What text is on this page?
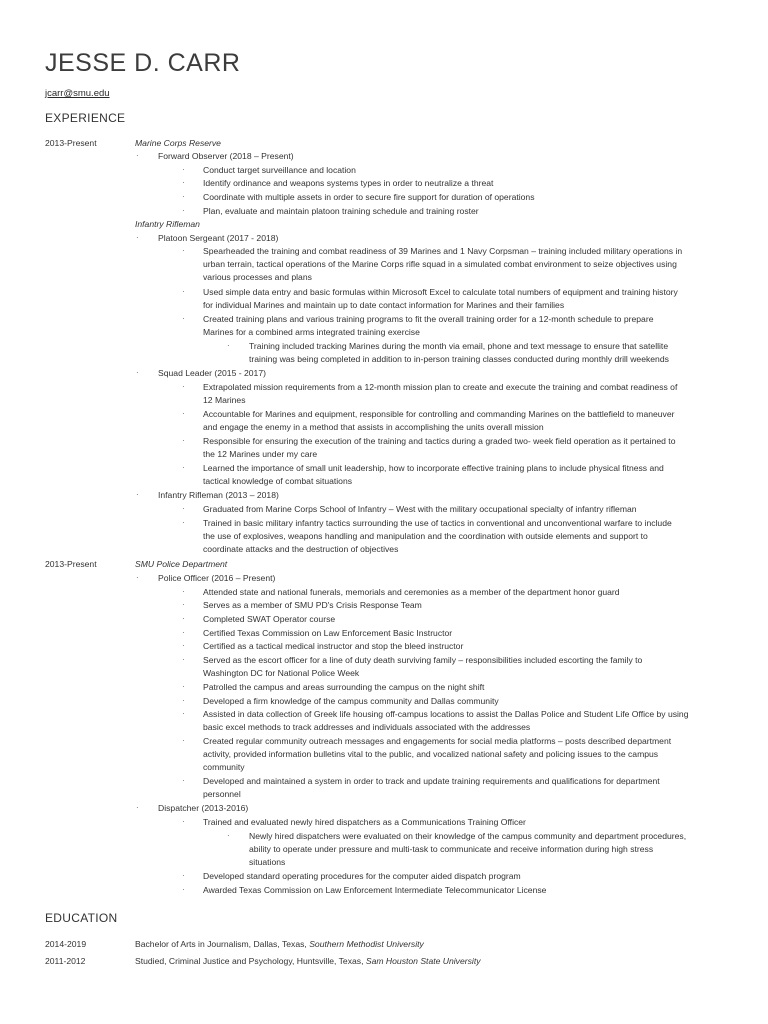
JESSE D. CARR
jcarr@smu.edu
EXPERIENCE
2013-Present	Marine Corps Reserve
· Forward Observer (2018 – Present)
· Conduct target surveillance and location
· Identify ordinance and weapons systems types in order to neutralize a threat
· Coordinate with multiple assets in order to secure fire support for duration of operations
· Plan, evaluate and maintain platoon training schedule and training roster
Infantry Rifleman
· Platoon Sergeant (2017 - 2018)
· Spearheaded the training and combat readiness of 39 Marines and 1 Navy Corpsman – training included military operations in
urban terrain, tactical operations of the Marine Corps rifle squad in a simulated combat environment to seize objectives using
various processes and plans
· Used simple data entry and basic formulas within Microsoft Excel to calculate total numbers of equipment and training history
for individual Marines and maintain up to date contact information for Marines and their families
· Created training plans and various training programs to fit the overall training order for a 12-month schedule to prepare
Marines for a combined arms integrated training exercise
· Training included tracking Marines during the month via email, phone and text message to ensure that satellite
training was being completed in addition to in-person training classes conducted during monthly drill weekends
· Squad Leader (2015 - 2017)
· Extrapolated mission requirements from a 12-month mission plan to create and execute the training and combat readiness of
12 Marines
· Accountable for Marines and equipment, responsible for controlling and commanding Marines on the battlefield to maneuver
and engage the enemy in a method that assists in accomplishing the units overall mission
· Responsible for ensuring the execution of the training and tactics during a graded two- week field operation as it pertained to
the 12 Marines under my care
· Learned the importance of small unit leadership, how to incorporate effective training plans to include physical fitness and
tactical knowledge of combat situations
· Infantry Rifleman (2013 – 2018)
· Graduated from Marine Corps School of Infantry – West with the military occupational specialty of infantry rifleman
· Trained in basic military infantry tactics surrounding the use of tactics in conventional and unconventional warfare to include
the use of explosives, weapons handling and manipulation and the coordination with outside elements and support to
coordinate attacks and the destruction of objectives
2013-Present	SMU Police Department
· Police Officer (2016 – Present)
· Attended state and national funerals, memorials and ceremonies as a member of the department honor guard
· Serves as a member of SMU PD's Crisis Response Team
· Completed SWAT Operator course
· Certified Texas Commission on Law Enforcement Basic Instructor
· Certified as a tactical medical instructor and stop the bleed instructor
· Served as the escort officer for a line of duty death surviving family – responsibilities included escorting the family to
Washington DC for National Police Week
· Patrolled the campus and areas surrounding the campus on the night shift
· Developed a firm knowledge of the campus community and Dallas community
· Assisted in data collection of Greek life housing off-campus locations to assist the Dallas Police and Student Life Office by using
basic excel methods to track addresses and individuals associated with the addresses
· Created regular community outreach messages and engagements for social media platforms – posts described department
activity, provided information bulletins vital to the public, and vocalized national safety and policing issues to the campus
community
· Developed and maintained a system in order to track and update training requirements and qualifications for department
personnel
· Dispatcher (2013-2016)
· Trained and evaluated newly hired dispatchers as a Communications Training Officer
· Newly hired dispatchers were evaluated on their knowledge of the campus community and department procedures,
ability to operate under pressure and multi-task to communicate and receive information during high stress
situations
· Developed standard operating procedures for the computer aided dispatch program
· Awarded Texas Commission on Law Enforcement Intermediate Telecommunicator License
EDUCATION
2014-2019	Bachelor of Arts in Journalism, Dallas, Texas, Southern Methodist University
2011-2012	Studied, Criminal Justice and Psychology, Huntsville, Texas, Sam Houston State University
